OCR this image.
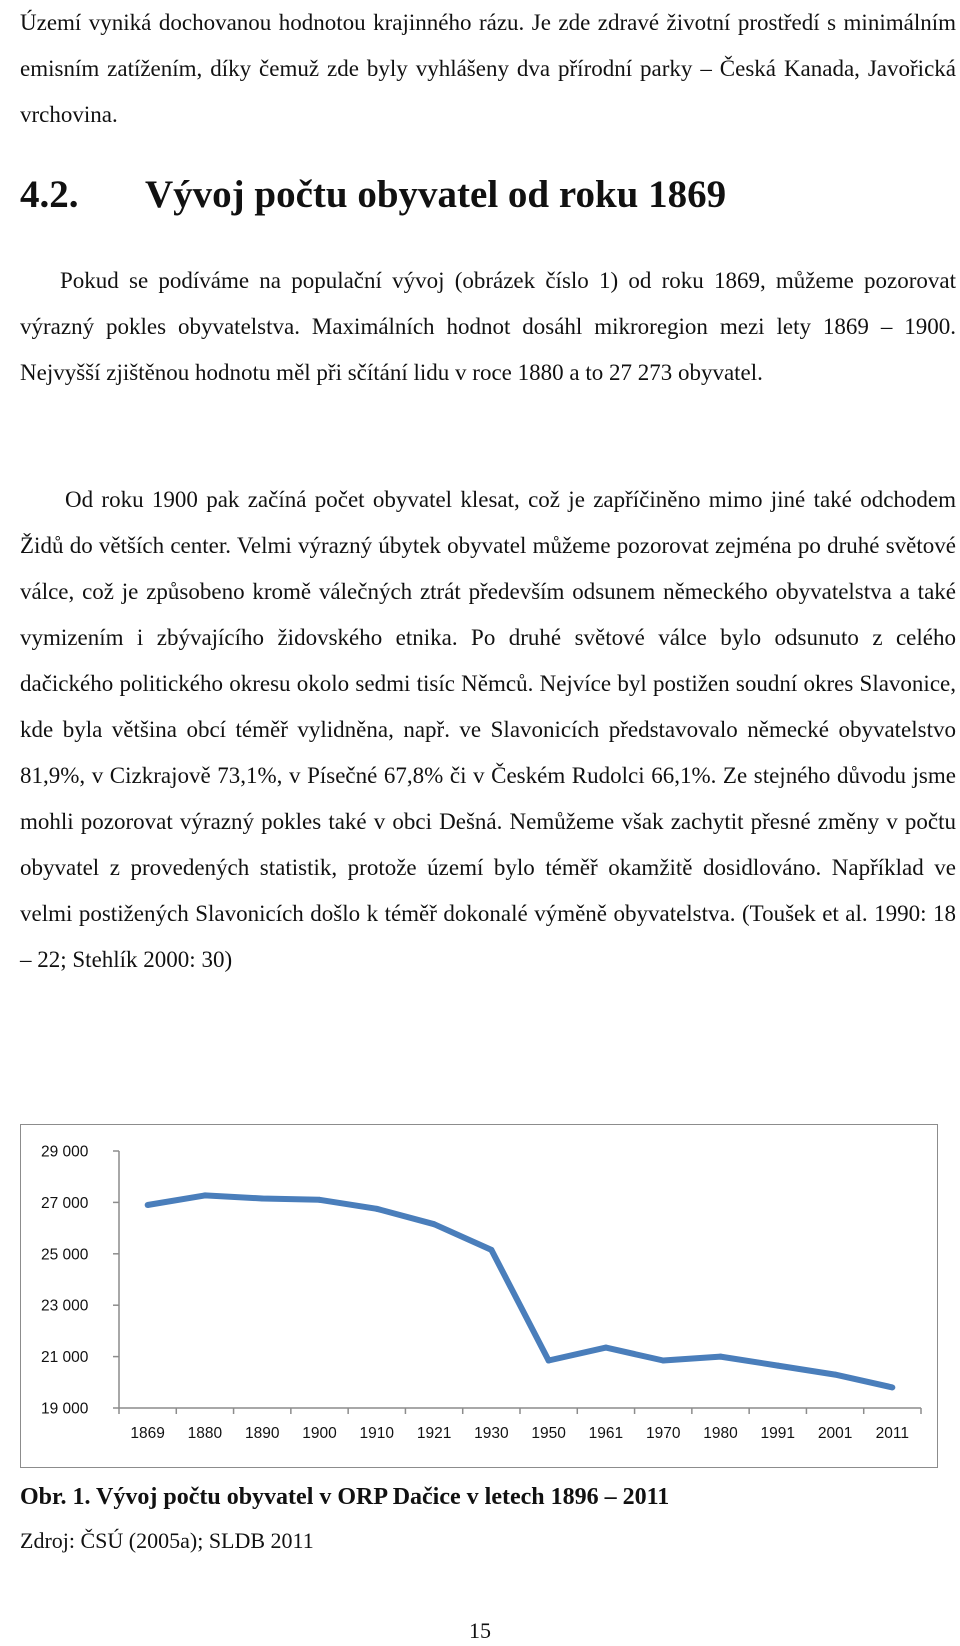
Území vyniká dochovanou hodnotou krajinného rázu. Je zde zdravé životní prostředí s minimálním emisním zatížením, díky čemuž zde byly vyhlášeny dva přírodní parky – Česká Kanada, Javořická vrchovina.

4.2. Vývoj počtu obyvatel od roku 1869

Pokud se podíváme na populační vývoj (obrázek číslo 1) od roku 1869, můžeme pozorovat výrazný pokles obyvatelstva. Maximálních hodnot dosáhl mikroregion mezi lety 1869 – 1900. Nejvyšší zjištěnou hodnotu měl při sčítání lidu v roce 1880 a to 27 273 obyvatel.

Od roku 1900 pak začíná počet obyvatel klesat, což je zapříčiněno mimo jiné také odchodem Židů do větších center. Velmi výrazný úbytek obyvatel můžeme pozorovat zejména po druhé světové válce, což je způsobeno kromě válečných ztrát především odsunem německého obyvatelstva a také vymizením i zbývajícího židovského etnika. Po druhé světové válce bylo odsunuto z celého dačického politického okresu okolo sedmi tisíc Němců. Nejvíce byl postižen soudní okres Slavonice, kde byla většina obcí téměř vylidněna, např. ve Slavonicích představovalo německé obyvatelstvo 81,9%, v Cizkrajově 73,1%, v Písečné 67,8% či v Českém Rudolci 66,1%. Ze stejného důvodu jsme mohli pozorovat výrazný pokles také v obci Dešná. Nemůžeme však zachytit přesné změny v počtu obyvatel z provedených statistik, protože území bylo téměř okamžitě dosidlováno. Například ve velmi postižených Slavonicích došlo k téměř dokonalé výměně obyvatelstva. (Toušek et al. 1990: 18 – 22; Stehlík 2000: 30)

19 000
21 000
23 000
25 000
27 000
29 000
1869 1880 1890 1900 1910 1921 1930 1950 1961 1970 1980 1991 2001 2011

Obr. 1. Vývoj počtu obyvatel v ORP Dačice v letech 1896 – 2011

Zdroj: ČSÚ (2005a); SLDB 2011

15
